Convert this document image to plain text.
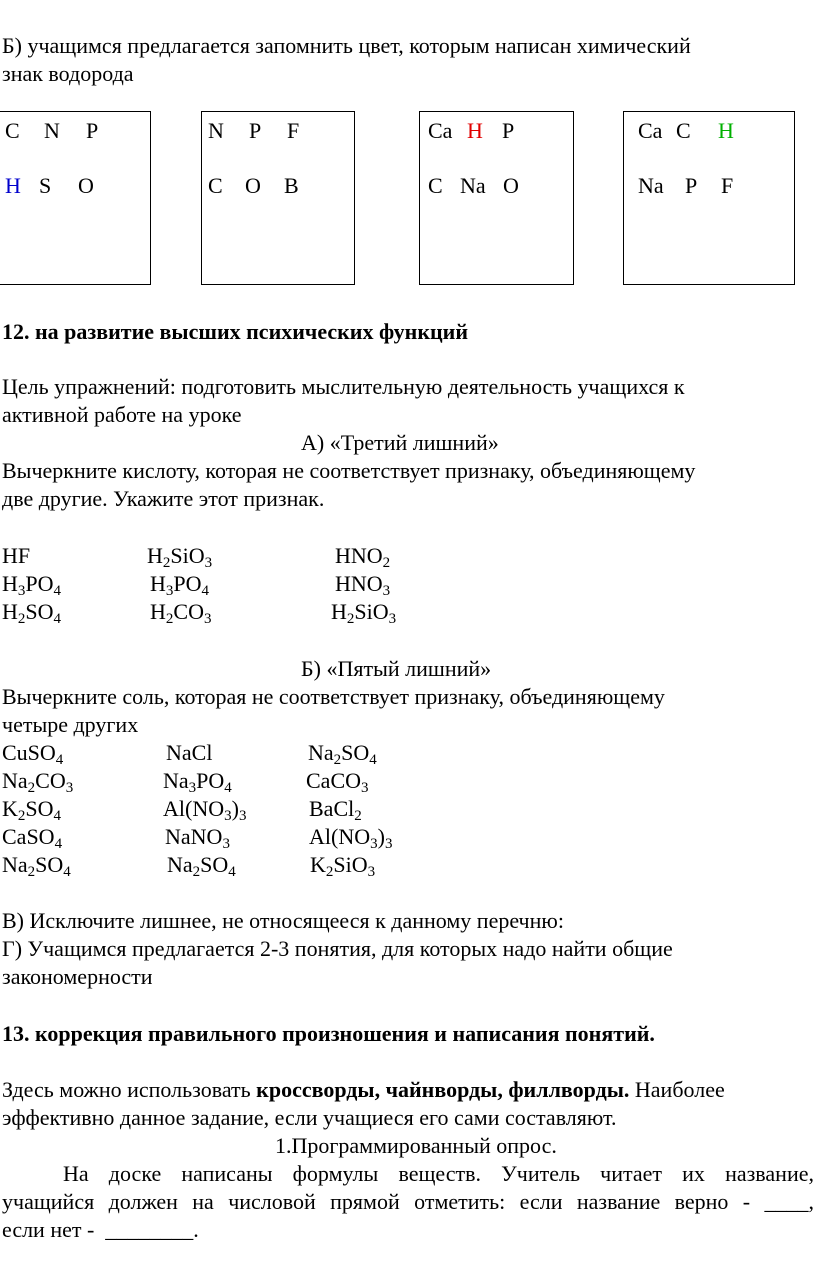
Б) учащимся предлагается запомнить цвет, которым написан химический
знак водорода
C N P
H S O
N P F
C O B
Ca H P
C Na O
Ca C H
Na P F
12. на развитие высших психических функций
Цель упражнений: подготовить мыслительную деятельность учащихся к
активной работе на уроке
А) «Третий лишний»
Вычеркните кислоту, которая не соответствует признаку, объединяющему
две другие. Укажите этот признак.
HF	$H_2SiO_3$	$HNO_2$
$H_3PO_4$	$H_3PO_4$	$HNO_3$
$H_2SO_4$	$H_2CO_3$	$H_2SiO_3$
Б) «Пятый лишний»
Вычеркните соль, которая не соответствует признаку, объединяющему
четыре других
CuSO$_4$	NaCl	$Na_2SO_4$
$Na_2CO_3$	$Na_3PO_4$	CaCO$_3$
$K_2SO_4$	$Al(NO_3)_3$	BaCl$_2$
CaSO$_4$	NaNO$_3$	$Al(NO_3)_3$
$Na_2SO_4$	$Na_2SO_4$	$K_2SiO_3$
В) Исключите лишнее, не относящееся к данному перечню:
Г) Учащимся предлагается 2-3 понятия, для которых надо найти общие
закономерности
13. коррекция правильного произношения и написания понятий.
Здесь можно использовать кроссворды, чайнворды, филлворды. Наиболее
эффективно данное задание, если учащиеся его сами составляют.
1.Программированный опрос.
На доске написаны формулы веществ. Учитель читает их название,
учащийся должен на числовой прямой отметить: если название верно - ____,
если нет -  ________.
